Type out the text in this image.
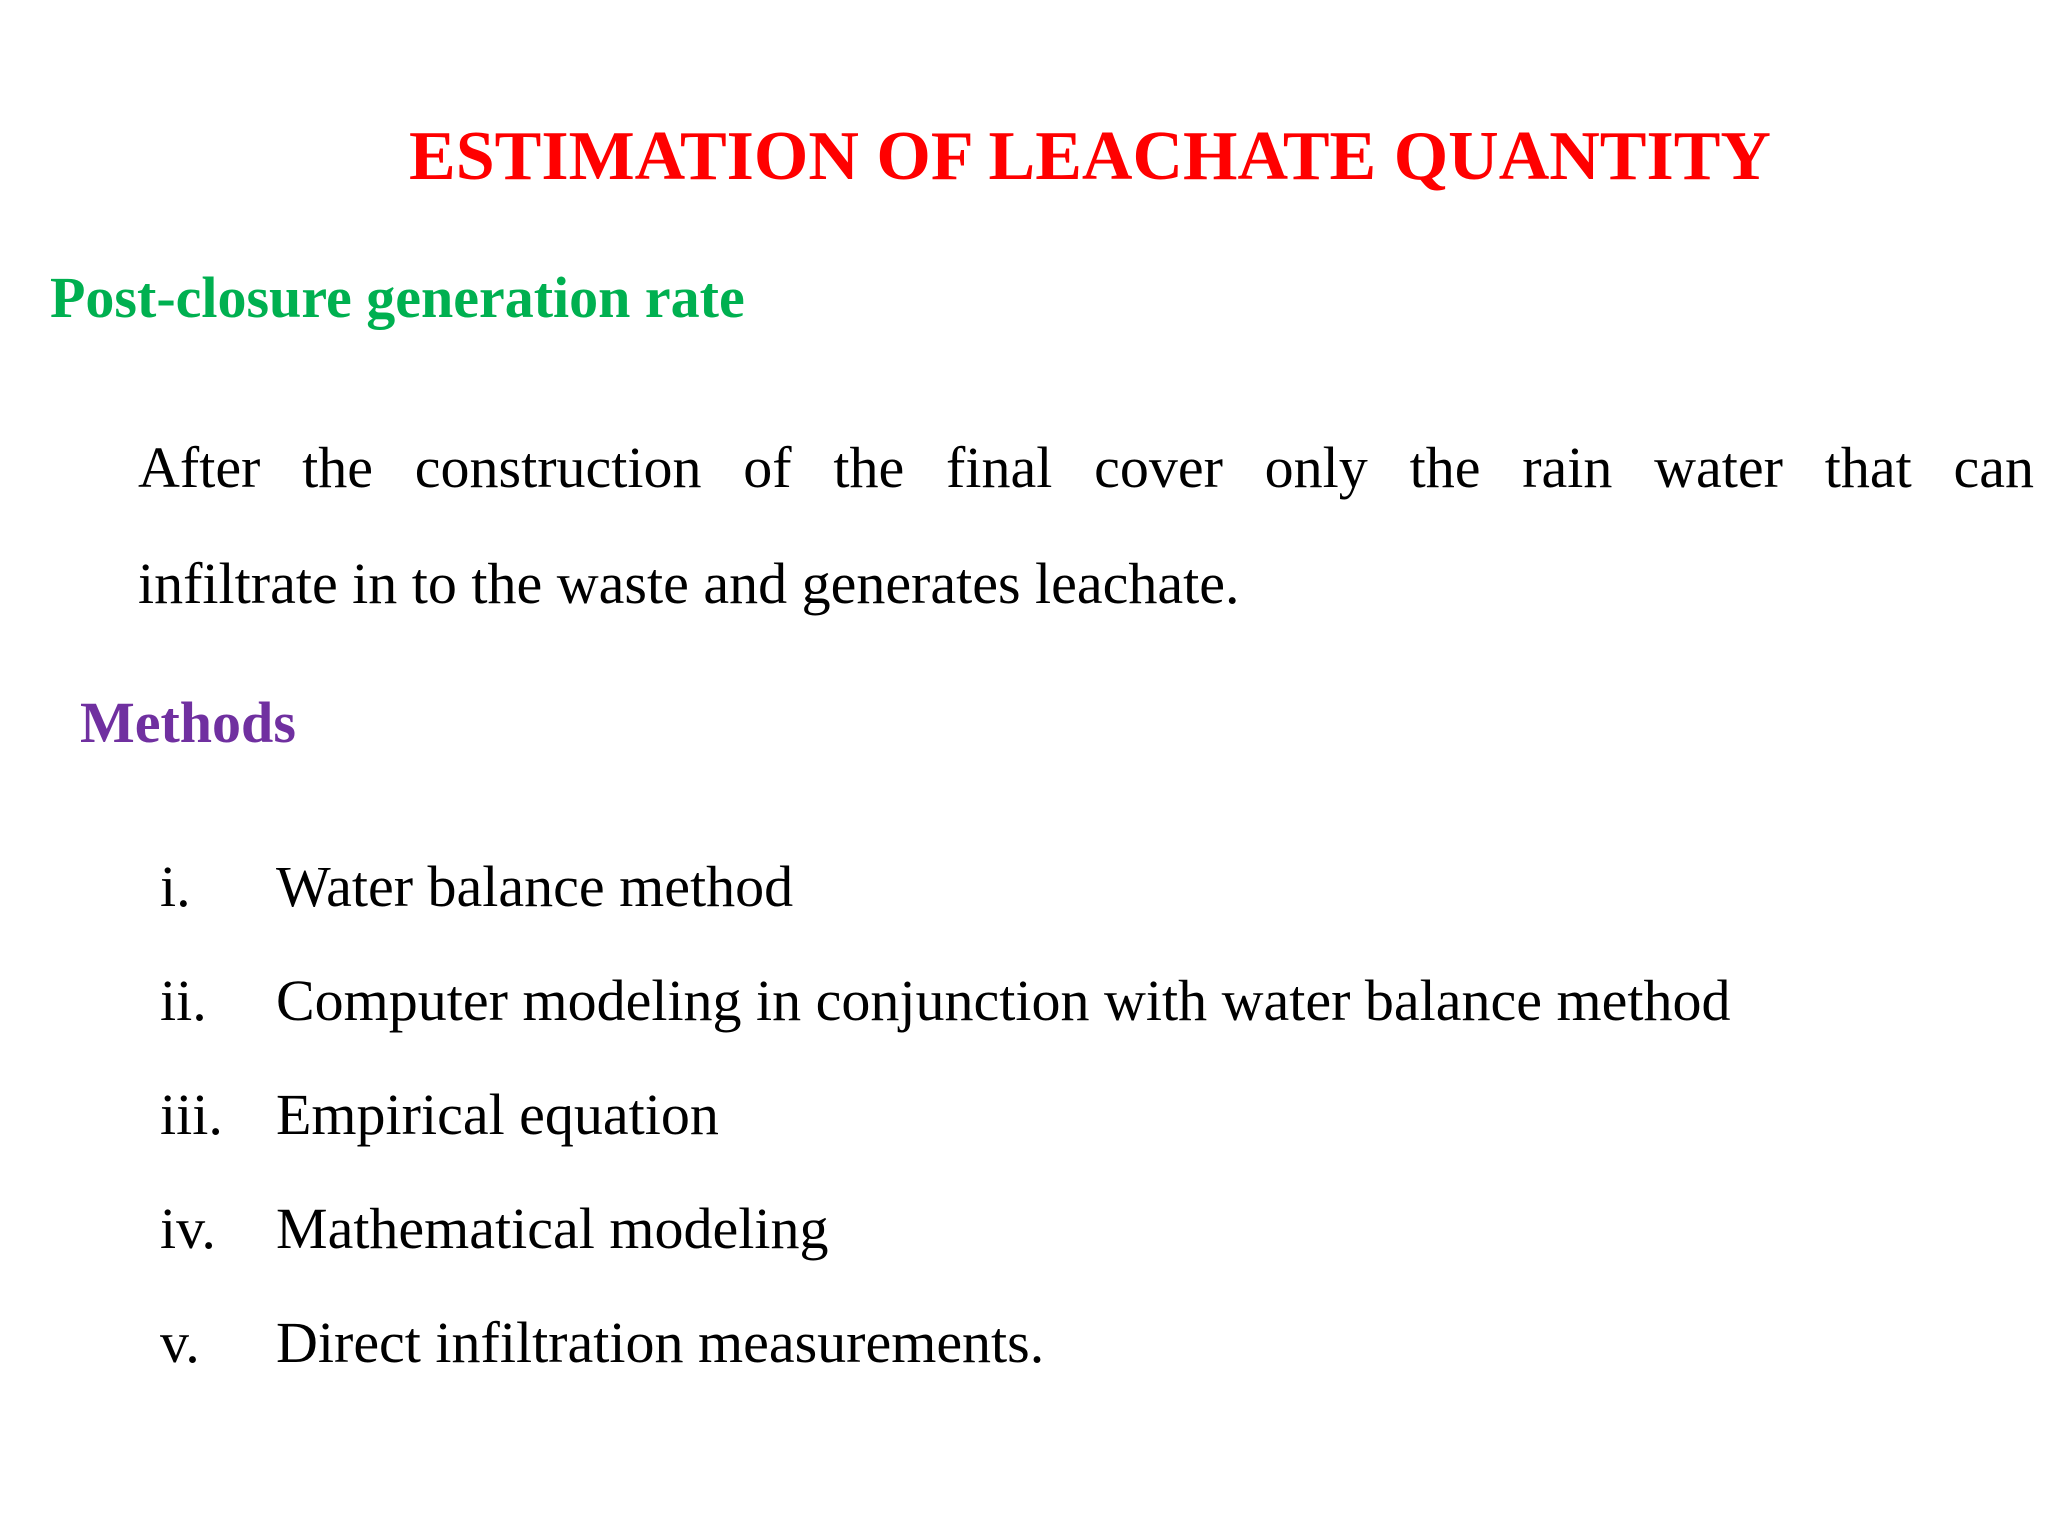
ESTIMATION OF LEACHATE QUANTITY
Post-closure generation rate
After the construction of the final cover only the rain water that can
infiltrate in to the waste and generates leachate.
Methods
i.	Water balance method
ii.	Computer modeling in conjunction with water balance method
iii. Empirical equation
iv.	Mathematical modeling
v.	Direct infiltration measurements.
